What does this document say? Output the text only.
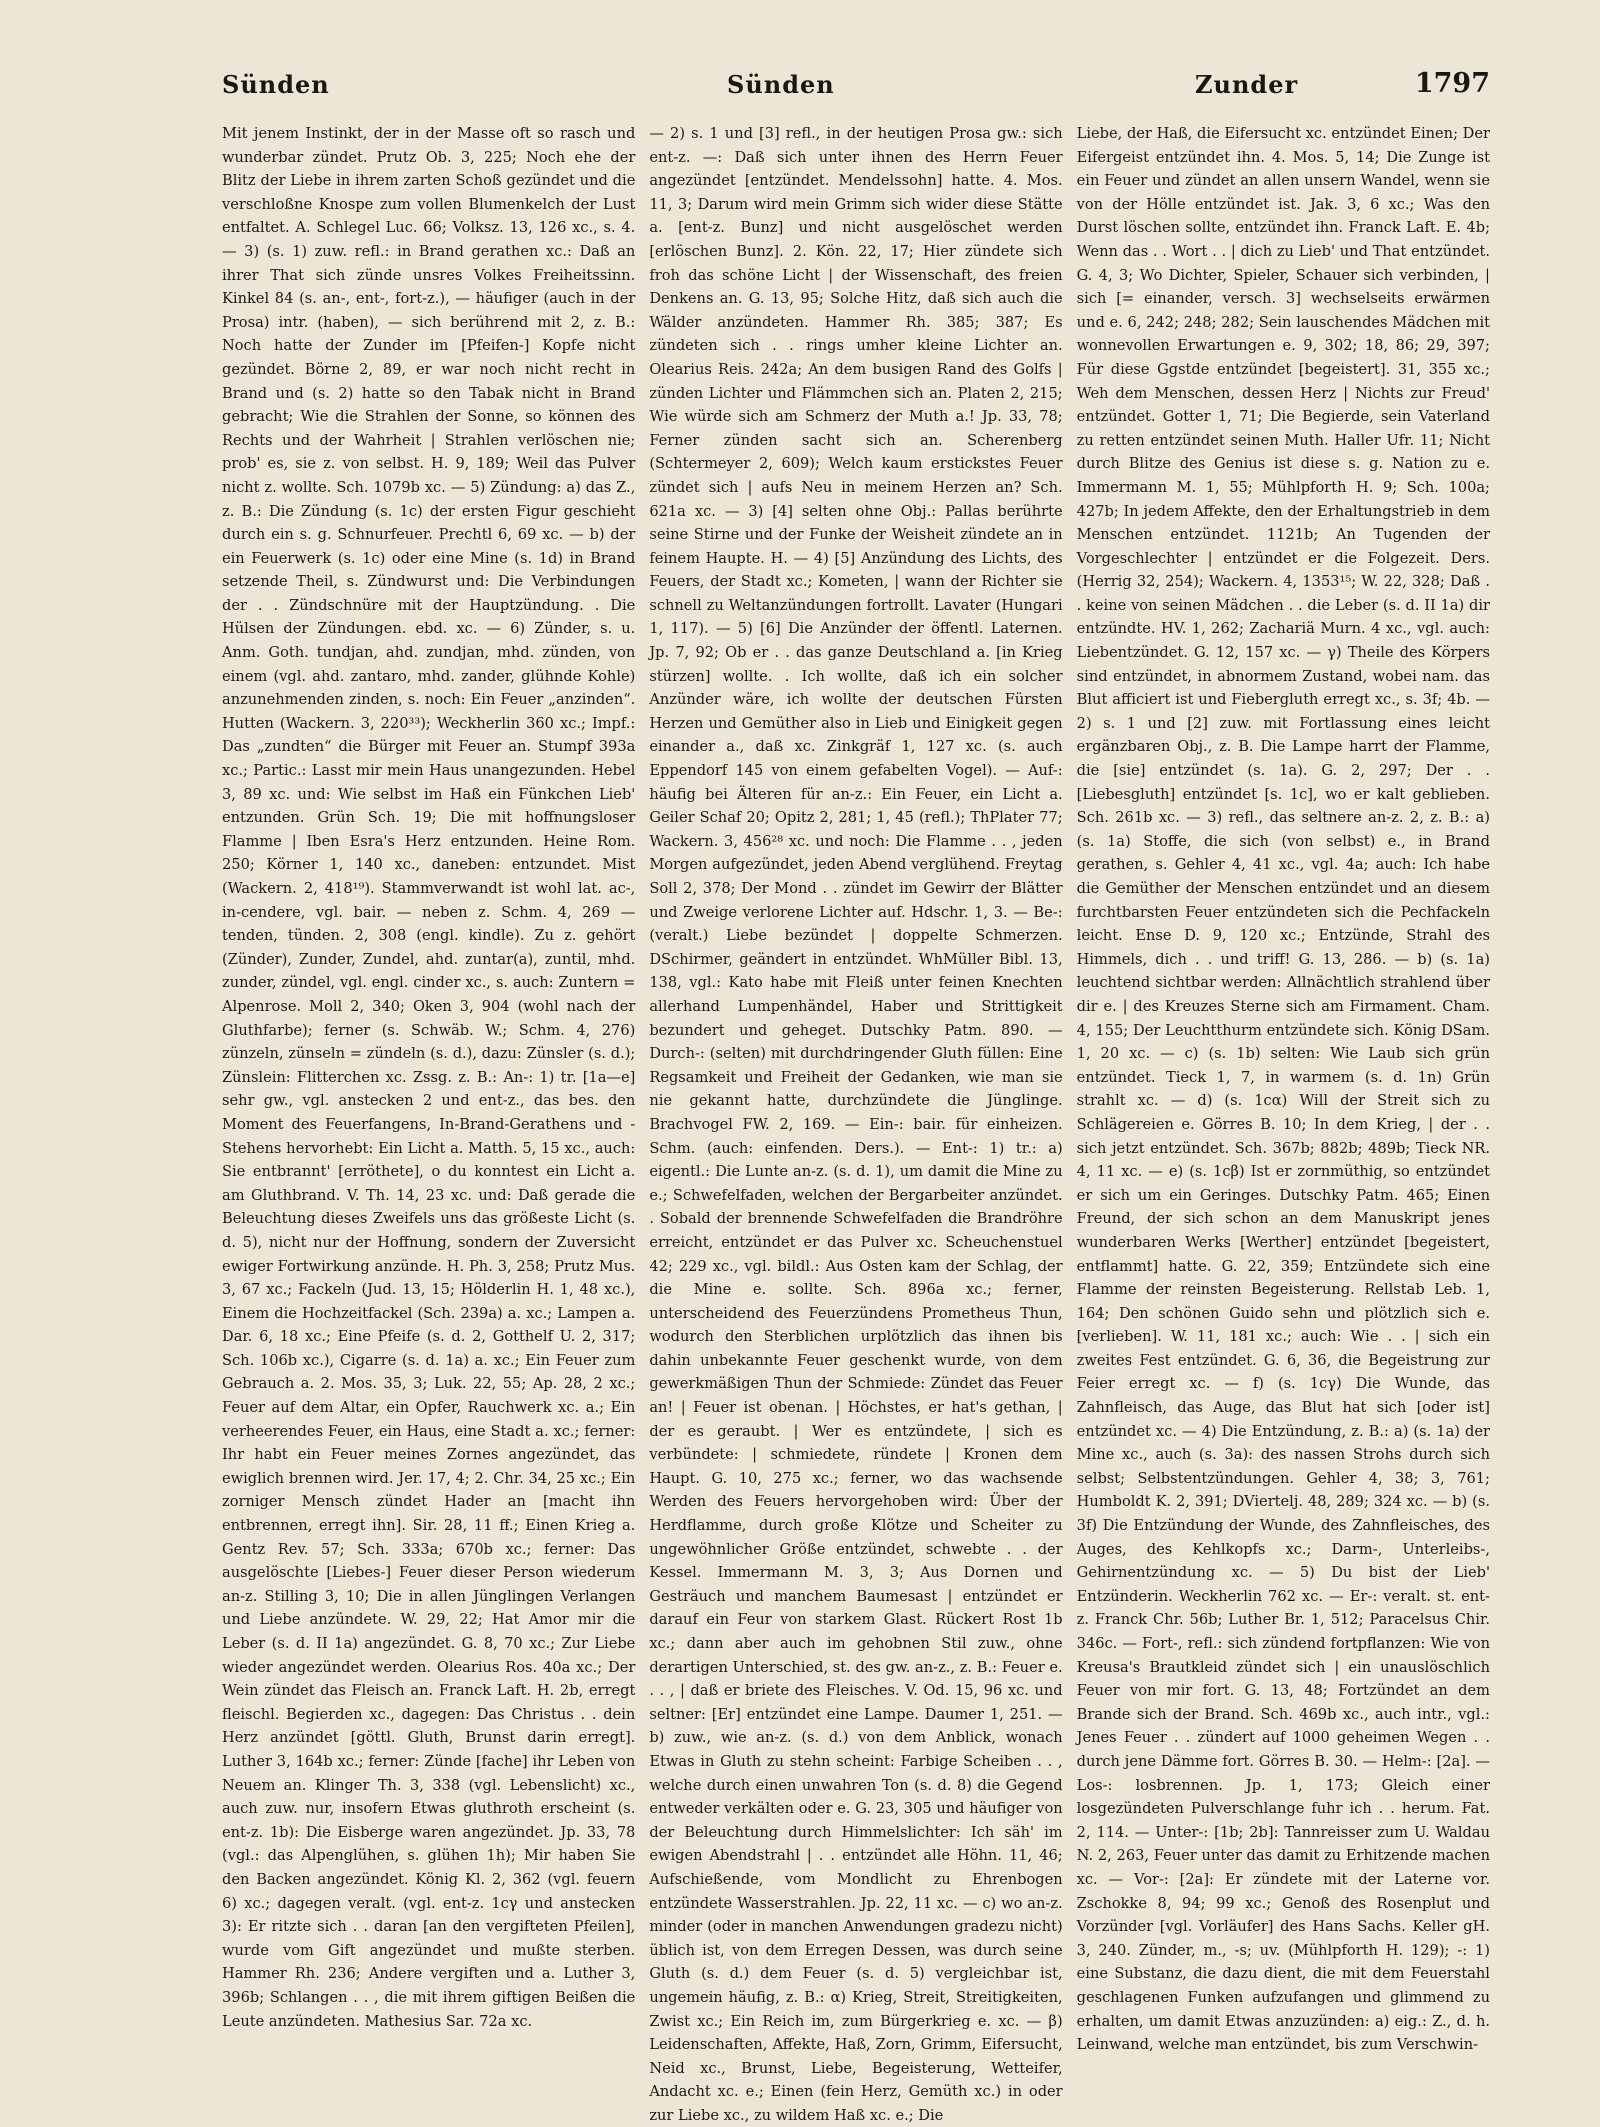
Sünden	Sünden	Zunder	1797

Mit jenem Instinkt, der in der Masse oft so rasch und wunderbar zündet. Prutz Ob. 3, 225; Noch ehe der Blitz der Liebe in ihrem zarten Schoß gezündet und die verschloßne Knospe zum vollen Blumenkelch der Lust entfaltet. A. Schlegel Luc. 66; Volksz. 13, 126 xc., s. 4. — 3) (s. 1) zuw. refl.: in Brand gerathen xc.: Daß an ihrer That sich zünde unsres Volkes Freiheitssinn. Kinkel 84 (s. an-, ent-, fort-z.), — häufiger (auch in der Prosa) intr. (haben), — sich berührend mit 2, z. B.: Noch hatte der Zunder im [Pfeifen-] Kopfe nicht gezündet. Börne 2, 89, er war noch nicht recht in Brand und (s. 2) hatte so den Tabak nicht in Brand gebracht; Wie die Strahlen der Sonne, so können des Rechts und der Wahrheit | Strahlen verlöschen nie; prob' es, sie z. von selbst. H. 9, 189; Weil das Pulver nicht z. wollte. Sch. 1079b xc. — 5) Zündung: a) das Z., z. B.: Die Zündung (s. 1c) der ersten Figur geschieht durch ein s. g. Schnurfeuer. Prechtl 6, 69 xc. — b) der ein Feuerwerk (s. 1c) oder eine Mine (s. 1d) in Brand setzende Theil, s. Zündwurst und: Die Verbindungen der . . Zündschnüre mit der Hauptzündung. . Die Hülsen der Zündungen. ebd. xc. — 6) Zünder, s. u. Anm. Goth. tundjan, ahd. zundjan, mhd. zünden, von einem (vgl. ahd. zantaro, mhd. zander, glühnde Kohle) anzunehmenden zinden, s. noch: Ein Feuer „anzinden“. Hutten (Wackern. 3, 220³³); Weckherlin 360 xc.; Impf.: Das „zundten“ die Bürger mit Feuer an. Stumpf 393a xc.; Partic.: Lasst mir mein Haus unangezunden. Hebel 3, 89 xc. und: Wie selbst im Haß ein Fünkchen Lieb' entzunden. Grün Sch. 19; Die mit hoffnungsloser Flamme | Iben Esra's Herz entzunden. Heine Rom. 250; Körner 1, 140 xc., daneben: entzundet. Mist (Wackern. 2, 418¹⁹). Stammverwandt ist wohl lat. ac-, in-cendere, vgl. bair. — neben z. Schm. 4, 269 — tenden, tünden. 2, 308 (engl. kindle). Zu z. gehört (Zünder), Zunder, Zundel, ahd. zuntar(a), zuntil, mhd. zunder, zündel, vgl. engl. cinder xc., s. auch: Zuntern = Alpenrose. Moll 2, 340; Oken 3, 904 (wohl nach der Gluthfarbe); ferner (s. Schwäb. W.; Schm. 4, 276) zünzeln, zünseln = zündeln (s. d.), dazu: Zünsler (s. d.); Zünslein: Flitterchen xc. Zssg. z. B.: An-: 1) tr. [1a—e] sehr gw., vgl. anstecken 2 und ent-z., das bes. den Moment des Feuerfangens, In-Brand-Gerathens und -Stehens hervorhebt: Ein Licht a. Matth. 5, 15 xc., auch: Sie entbrannt' [erröthete], o du konntest ein Licht a. am Gluthbrand. V. Th. 14, 23 xc. und: Daß gerade die Beleuchtung dieses Zweifels uns das größeste Licht (s. d. 5), nicht nur der Hoffnung, sondern der Zuversicht ewiger Fortwirkung anzünde. H. Ph. 3, 258; Prutz Mus. 3, 67 xc.; Fackeln (Jud. 13, 15; Hölderlin H. 1, 48 xc.), Einem die Hochzeitfackel (Sch. 239a) a. xc.; Lampen a. Dar. 6, 18 xc.; Eine Pfeife (s. d. 2, Gotthelf U. 2, 317; Sch. 106b xc.), Cigarre (s. d. 1a) a. xc.; Ein Feuer zum Gebrauch a. 2. Mos. 35, 3; Luk. 22, 55; Ap. 28, 2 xc.; Feuer auf dem Altar, ein Opfer, Rauchwerk xc. a.; Ein verheerendes Feuer, ein Haus, eine Stadt a. xc.; ferner: Ihr habt ein Feuer meines Zornes angezündet, das ewiglich brennen wird. Jer. 17, 4; 2. Chr. 34, 25 xc.; Ein zorniger Mensch zündet Hader an [macht ihn entbrennen, erregt ihn]. Sir. 28, 11 ff.; Einen Krieg a. Gentz Rev. 57; Sch. 333a; 670b xc.; ferner: Das ausgelöschte [Liebes-] Feuer dieser Person wiederum an-z. Stilling 3, 10; Die in allen Jünglingen Verlangen und Liebe anzündete. W. 29, 22; Hat Amor mir die Leber (s. d. II 1a) angezündet. G. 8, 70 xc.; Zur Liebe wieder angezündet werden. Olearius Ros. 40a xc.; Der Wein zündet das Fleisch an. Franck Laft. H. 2b, erregt fleischl. Begierden xc., dagegen: Das Christus . . dein Herz anzündet [göttl. Gluth, Brunst darin erregt]. Luther 3, 164b xc.; ferner: Zünde [fache] ihr Leben von Neuem an. Klinger Th. 3, 338 (vgl. Lebenslicht) xc., auch zuw. nur, insofern Etwas gluthroth erscheint (s. ent-z. 1b): Die Eisberge waren angezündet. Jp. 33, 78 (vgl.: das Alpenglühen, s. glühen 1h); Mir haben Sie den Backen angezündet. König Kl. 2, 362 (vgl. feuern 6) xc.; dagegen veralt. (vgl. ent-z. 1cγ und anstecken 3): Er ritzte sich . . daran [an den vergifteten Pfeilen], wurde vom Gift angezündet und mußte sterben. Hammer Rh. 236; Andere vergiften und a. Luther 3, 396b; Schlangen . . , die mit ihrem giftigen Beißen die Leute anzündeten. Mathesius Sar. 72a xc.

— 2) s. 1 und [3] refl., in der heutigen Prosa gw.: sich ent-z. —: Daß sich unter ihnen des Herrn Feuer angezündet [entzündet. Mendelssohn] hatte. 4. Mos. 11, 3; Darum wird mein Grimm sich wider diese Stätte a. [ent-z. Bunz] und nicht ausgelöschet werden [erlöschen Bunz]. 2. Kön. 22, 17; Hier zündete sich froh das schöne Licht | der Wissenschaft, des freien Denkens an. G. 13, 95; Solche Hitz, daß sich auch die Wälder anzündeten. Hammer Rh. 385; 387; Es zündeten sich . . rings umher kleine Lichter an. Olearius Reis. 242a; An dem busigen Rand des Golfs | zünden Lichter und Flämmchen sich an. Platen 2, 215; Wie würde sich am Schmerz der Muth a.! Jp. 33, 78; Ferner zünden sacht sich an. Scherenberg (Schtermeyer 2, 609); Welch kaum erstickstes Feuer zündet sich | aufs Neu in meinem Herzen an? Sch. 621a xc. — 3) [4] selten ohne Obj.: Pallas berührte seine Stirne und der Funke der Weisheit zündete an in feinem Haupte. H. — 4) [5] Anzündung des Lichts, des Feuers, der Stadt xc.; Kometen, | wann der Richter sie schnell zu Weltanzündungen fortrollt. Lavater (Hungari 1, 117). — 5) [6] Die Anzünder der öffentl. Laternen. Jp. 7, 92; Ob er . . das ganze Deutschland a. [in Krieg stürzen] wollte. . Ich wollte, daß ich ein solcher Anzünder wäre, ich wollte der deutschen Fürsten Herzen und Gemüther also in Lieb und Einigkeit gegen einander a., daß xc. Zinkgräf 1, 127 xc. (s. auch Eppendorf 145 von einem gefabelten Vogel). — Auf-: häufig bei Älteren für an-z.: Ein Feuer, ein Licht a. Geiler Schaf 20; Opitz 2, 281; 1, 45 (refl.); ThPlater 77; Wackern. 3, 456²⁸ xc. und noch: Die Flamme . . , jeden Morgen aufgezündet, jeden Abend verglühend. Freytag Soll 2, 378; Der Mond . . zündet im Gewirr der Blätter und Zweige verlorene Lichter auf. Hdschr. 1, 3. — Be-: (veralt.) Liebe bezündet | doppelte Schmerzen. DSchirmer, geändert in entzündet. WhMüller Bibl. 13, 138, vgl.: Kato habe mit Fleiß unter feinen Knechten allerhand Lumpenhändel, Haber und Strittigkeit bezundert und geheget. Dutschky Patm. 890. — Durch-: (selten) mit durchdringender Gluth füllen: Eine Regsamkeit und Freiheit der Gedanken, wie man sie nie gekannt hatte, durchzündete die Jünglinge. Brachvogel FW. 2, 169. — Ein-: bair. für einheizen. Schm. (auch: einfenden. Ders.). — Ent-: 1) tr.: a) eigentl.: Die Lunte an-z. (s. d. 1), um damit die Mine zu e.; Schwefelfaden, welchen der Bergarbeiter anzündet. . Sobald der brennende Schwefelfaden die Brandröhre erreicht, entzündet er das Pulver xc. Scheuchenstuel 42; 229 xc., vgl. bildl.: Aus Osten kam der Schlag, der die Mine e. sollte. Sch. 896a xc.; ferner, unterscheidend des Feuerzündens Prometheus Thun, wodurch den Sterblichen urplötzlich das ihnen bis dahin unbekannte Feuer geschenkt wurde, von dem gewerkmäßigen Thun der Schmiede: Zündet das Feuer an! | Feuer ist obenan. | Höchstes, er hat's gethan, | der es geraubt. | Wer es entzündete, | sich es verbündete: | schmiedete, ründete | Kronen dem Haupt. G. 10, 275 xc.; ferner, wo das wachsende Werden des Feuers hervorgehoben wird: Über der Herdflamme, durch große Klötze und Scheiter zu ungewöhnlicher Größe entzündet, schwebte . . der Kessel. Immermann M. 3, 3; Aus Dornen und Gesträuch und manchem Baumesast | entzündet er darauf ein Feur von starkem Glast. Rückert Rost 1b xc.; dann aber auch im gehobnen Stil zuw., ohne derartigen Unterschied, st. des gw. an-z., z. B.: Feuer e. . . , | daß er briete des Fleisches. V. Od. 15, 96 xc. und seltner: [Er] entzündet eine Lampe. Daumer 1, 251. — b) zuw., wie an-z. (s. d.) von dem Anblick, wonach Etwas in Gluth zu stehn scheint: Farbige Scheiben . . , welche durch einen unwahren Ton (s. d. 8) die Gegend entweder verkälten oder e. G. 23, 305 und häufiger von der Beleuchtung durch Himmelslichter: Ich säh' im ewigen Abendstrahl | . . entzündet alle Höhn. 11, 46; Aufschießende, vom Mondlicht zu Ehrenbogen entzündete Wasserstrahlen. Jp. 22, 11 xc. — c) wo an-z. minder (oder in manchen Anwendungen gradezu nicht) üblich ist, von dem Erregen Dessen, was durch seine Gluth (s. d.) dem Feuer (s. d. 5) vergleichbar ist, ungemein häufig, z. B.: α) Krieg, Streit, Streitigkeiten, Zwist xc.; Ein Reich im, zum Bürgerkrieg e. xc. — β) Leidenschaften, Affekte, Haß, Zorn, Grimm, Eifersucht, Neid xc., Brunst, Liebe, Begeisterung, Wetteifer, Andacht xc. e.; Einen (fein Herz, Gemüth xc.) in oder zur Liebe xc., zu wildem Haß xc. e.; Die

Liebe, der Haß, die Eifersucht xc. entzündet Einen; Der Eifergeist entzündet ihn. 4. Mos. 5, 14; Die Zunge ist ein Feuer und zündet an allen unsern Wandel, wenn sie von der Hölle entzündet ist. Jak. 3, 6 xc.; Was den Durst löschen sollte, entzündet ihn. Franck Laft. E. 4b; Wenn das . . Wort . . | dich zu Lieb' und That entzündet. G. 4, 3; Wo Dichter, Spieler, Schauer sich verbinden, | sich [= einander, versch. 3] wechselseits erwärmen und e. 6, 242; 248; 282; Sein lauschendes Mädchen mit wonnevollen Erwartungen e. 9, 302; 18, 86; 29, 397; Für diese Ggstde entzündet [begeistert]. 31, 355 xc.; Weh dem Menschen, dessen Herz | Nichts zur Freud' entzündet. Gotter 1, 71; Die Begierde, sein Vaterland zu retten entzündet seinen Muth. Haller Ufr. 11; Nicht durch Blitze des Genius ist diese s. g. Nation zu e. Immermann M. 1, 55; Mühlpforth H. 9; Sch. 100a; 427b; In jedem Affekte, den der Erhaltungstrieb in dem Menschen entzündet. 1121b; An Tugenden der Vorgeschlechter | entzündet er die Folgezeit. Ders. (Herrig 32, 254); Wackern. 4, 1353¹⁵; W. 22, 328; Daß . . keine von seinen Mädchen . . die Leber (s. d. II 1a) dir entzündte. HV. 1, 262; Zachariä Murn. 4 xc., vgl. auch: Liebentzündet. G. 12, 157 xc. — γ) Theile des Körpers sind entzündet, in abnormem Zustand, wobei nam. das Blut afficiert ist und Fiebergluth erregt xc., s. 3f; 4b. — 2) s. 1 und [2] zuw. mit Fortlassung eines leicht ergänzbaren Obj., z. B. Die Lampe harrt der Flamme, die [sie] entzündet (s. 1a). G. 2, 297; Der . . [Liebesgluth] entzündet [s. 1c], wo er kalt geblieben. Sch. 261b xc. — 3) refl., das seltnere an-z. 2, z. B.: a) (s. 1a) Stoffe, die sich (von selbst) e., in Brand gerathen, s. Gehler 4, 41 xc., vgl. 4a; auch: Ich habe die Gemüther der Menschen entzündet und an diesem furchtbarsten Feuer entzündeten sich die Pechfackeln leicht. Ense D. 9, 120 xc.; Entzünde, Strahl des Himmels, dich . . und triff! G. 13, 286. — b) (s. 1a) leuchtend sichtbar werden: Allnächtlich strahlend über dir e. | des Kreuzes Sterne sich am Firmament. Cham. 4, 155; Der Leuchtthurm entzündete sich. König DSam. 1, 20 xc. — c) (s. 1b) selten: Wie Laub sich grün entzündet. Tieck 1, 7, in warmem (s. d. 1n) Grün strahlt xc. — d) (s. 1cα) Will der Streit sich zu Schlägereien e. Görres B. 10; In dem Krieg, | der . . sich jetzt entzündet. Sch. 367b; 882b; 489b; Tieck NR. 4, 11 xc. — e) (s. 1cβ) Ist er zornmüthig, so entzündet er sich um ein Geringes. Dutschky Patm. 465; Einen Freund, der sich schon an dem Manuskript jenes wunderbaren Werks [Werther] entzündet [begeistert, entflammt] hatte. G. 22, 359; Entzündete sich eine Flamme der reinsten Begeisterung. Rellstab Leb. 1, 164; Den schönen Guido sehn und plötzlich sich e. [verlieben]. W. 11, 181 xc.; auch: Wie . . | sich ein zweites Fest entzündet. G. 6, 36, die Begeistrung zur Feier erregt xc. — f) (s. 1cγ) Die Wunde, das Zahnfleisch, das Auge, das Blut hat sich [oder ist] entzündet xc. — 4) Die Entzündung, z. B.: a) (s. 1a) der Mine xc., auch (s. 3a): des nassen Strohs durch sich selbst; Selbstentzündungen. Gehler 4, 38; 3, 761; Humboldt K. 2, 391; DViertelj. 48, 289; 324 xc. — b) (s. 3f) Die Entzündung der Wunde, des Zahnfleisches, des Auges, des Kehlkopfs xc.; Darm-, Unterleibs-, Gehirnentzündung xc. — 5) Du bist der Lieb' Entzünderin. Weckherlin 762 xc. — Er-: veralt. st. ent-z. Franck Chr. 56b; Luther Br. 1, 512; Paracelsus Chir. 346c. — Fort-, refl.: sich zündend fortpflanzen: Wie von Kreusa's Brautkleid zündet sich | ein unauslöschlich Feuer von mir fort. G. 13, 48; Fortzündet an dem Brande sich der Brand. Sch. 469b xc., auch intr., vgl.: Jenes Feuer . . zündert auf 1000 geheimen Wegen . . durch jene Dämme fort. Görres B. 30. — Helm-: [2a]. — Los-: losbrennen. Jp. 1, 173; Gleich einer losgezündeten Pulverschlange fuhr ich . . herum. Fat. 2, 114. — Unter-: [1b; 2b]: Tannreisser zum U. Waldau N. 2, 263, Feuer unter das damit zu Erhitzende machen xc. — Vor-: [2a]: Er zündete mit der Laterne vor. Zschokke 8, 94; 99 xc.; Genoß des Rosenplut und Vorzünder [vgl. Vorläufer] des Hans Sachs. Keller gH. 3, 240. Zünder, m., -s; uv. (Mühlpforth H. 129); -: 1) eine Substanz, die dazu dient, die mit dem Feuerstahl geschlagenen Funken aufzufangen und glimmend zu erhalten, um damit Etwas anzuzünden: a) eig.: Z., d. h. Leinwand, welche man entzündet, bis zum Verschwin-
